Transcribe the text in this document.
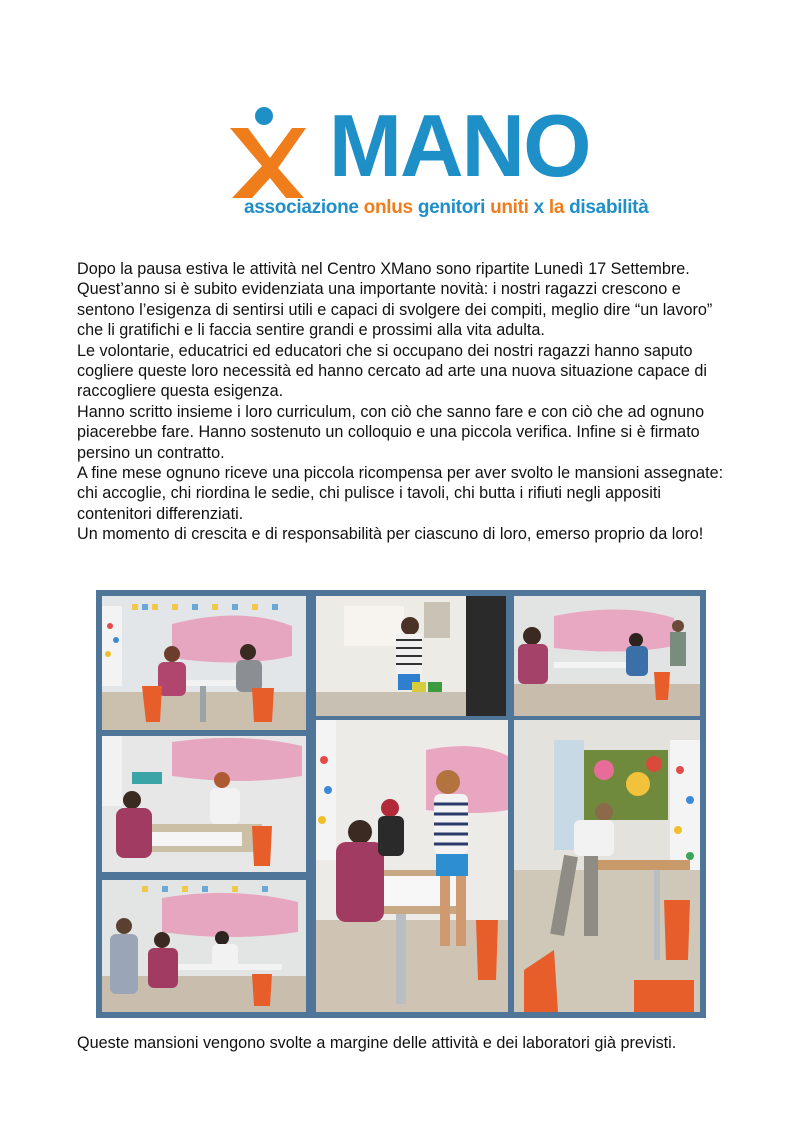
MANO
associazione onlus genitori uniti x la disabilità

Dopo la pausa estiva le attività nel Centro XMano sono ripartite Lunedì 17 Settembre. Quest’anno si è subito evidenziata una importante novità: i nostri ragazzi crescono e sentono l’esigenza di sentirsi utili e capaci di svolgere dei compiti, meglio dire “un lavoro” che li gratifichi e li faccia sentire grandi e prossimi alla vita adulta.

Le volontarie, educatrici ed educatori che si occupano dei nostri ragazzi hanno saputo cogliere queste loro necessità ed hanno cercato ad arte una nuova situazione capace di raccogliere questa esigenza.

Hanno scritto insieme i loro curriculum, con ciò che sanno fare e con ciò che ad ognuno piacerebbe fare. Hanno sostenuto un colloquio e una piccola verifica. Infine si è firmato persino un contratto.

A fine mese ognuno riceve una piccola ricompensa per aver svolto le mansioni assegnate: chi accoglie, chi riordina le sedie, chi pulisce i tavoli, chi butta i rifiuti negli appositi contenitori differenziati.

Un momento di crescita e di responsabilità per ciascuno di loro, emerso proprio da loro!

Queste mansioni vengono svolte a margine delle attività e dei laboratori già previsti.
